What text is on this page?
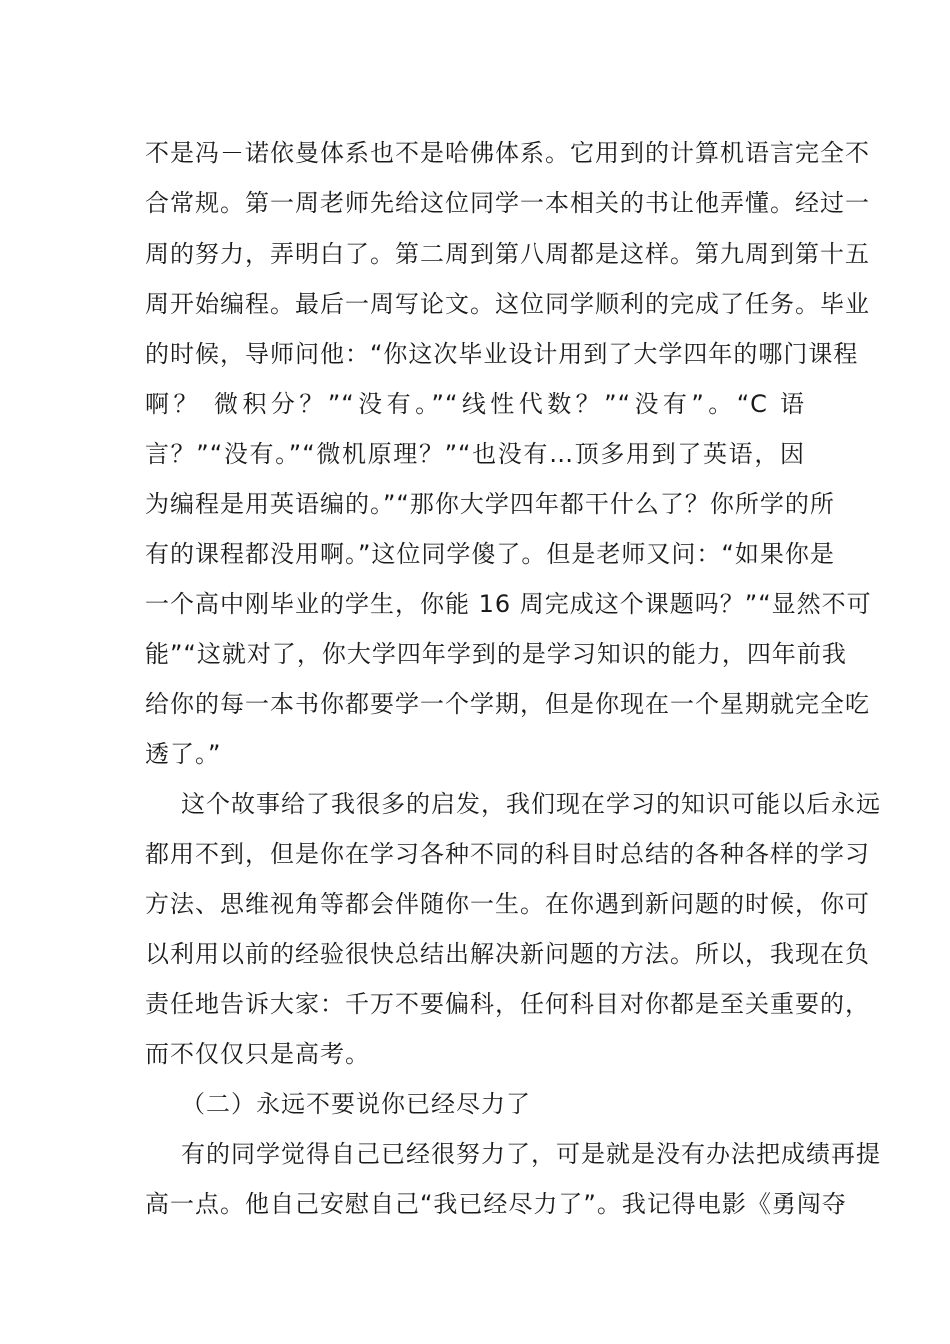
不是冯－诺依曼体系也不是哈佛体系。它用到的计算机语言完全不
合常规。第一周老师先给这位同学一本相关的书让他弄懂。经过一
周的努力，弄明白了。第二周到第八周都是这样。第九周到第十五
周开始编程。最后一周写论文。这位同学顺利的完成了任务。毕业
的时候，导师问他：“你这次毕业设计用到了大学四年的哪门课程
啊？ 微积分？”“没有。”“线性代数？”“没有”。“C 语
言？”“没有。”“微机原理？”“也没有…顶多用到了英语，因
为编程是用英语编的。”“那你大学四年都干什么了？你所学的所
有的课程都没用啊。”这位同学傻了。但是老师又问：“如果你是
一个高中刚毕业的学生，你能 16 周完成这个课题吗？”“显然不可
能”“这就对了，你大学四年学到的是学习知识的能力，四年前我
给你的每一本书你都要学一个学期，但是你现在一个星期就完全吃
透了。”
这个故事给了我很多的启发，我们现在学习的知识可能以后永远
都用不到，但是你在学习各种不同的科目时总结的各种各样的学习
方法、思维视角等都会伴随你一生。在你遇到新问题的时候，你可
以利用以前的经验很快总结出解决新问题的方法。所以，我现在负
责任地告诉大家：千万不要偏科，任何科目对你都是至关重要的，
而不仅仅只是高考。
（二）永远不要说你已经尽力了
有的同学觉得自己已经很努力了，可是就是没有办法把成绩再提
高一点。他自己安慰自己“我已经尽力了”。我记得电影《勇闯夺
